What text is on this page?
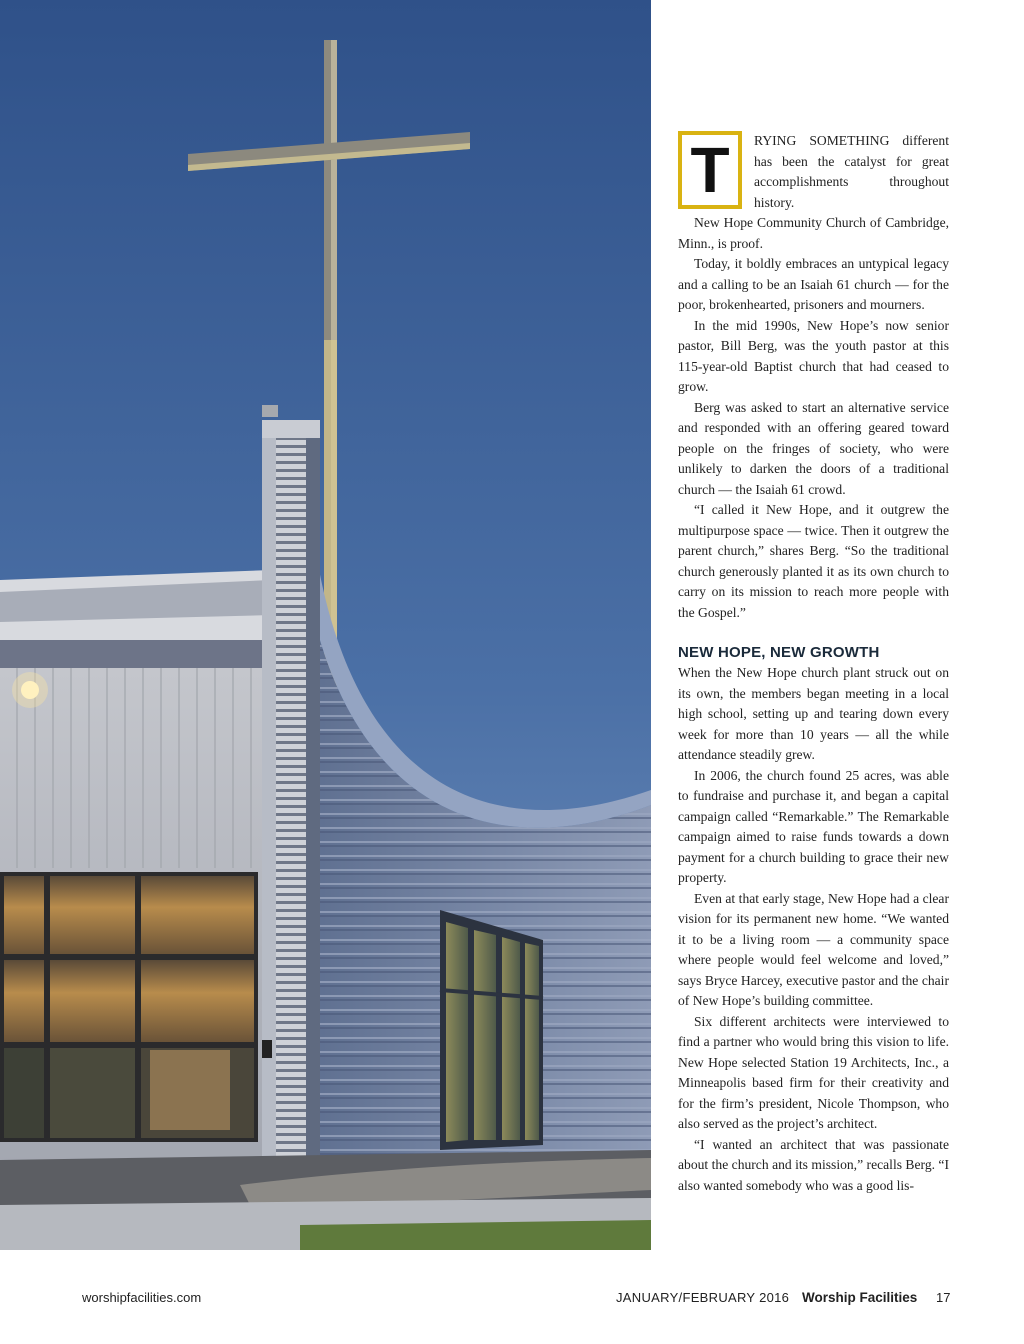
T	RYING SOMETHING different has been the catalyst for great accomplishments throughout history.

New Hope Community Church of Cambridge, Minn., is proof.

Today, it boldly embraces an untypical legacy and a calling to be an Isaiah 61 church — for the poor, brokenhearted, prisoners and mourners.

In the mid 1990s, New Hope’s now senior pastor, Bill Berg, was the youth pastor at this 115-year-old Baptist church that had ceased to grow.

Berg was asked to start an alternative service and responded with an offering geared toward people on the fringes of society, who were unlikely to darken the doors of a traditional church — the Isaiah 61 crowd.

“I called it New Hope, and it outgrew the multipurpose space — twice. Then it outgrew the parent church,” shares Berg. “So the traditional church generously planted it as its own church to carry on its mission to reach more people with the Gospel.”

NEW HOPE, NEW GROWTH

When the New Hope church plant struck out on its own, the members began meeting in a local high school, setting up and tearing down every week for more than 10 years — all the while attendance steadily grew.

In 2006, the church found 25 acres, was able to fundraise and purchase it, and began a capital campaign called “Remarkable.” The Remarkable campaign aimed to raise funds towards a down payment for a church building to grace their new property.

Even at that early stage, New Hope had a clear vision for its permanent new home. “We wanted it to be a living room — a community space where people would feel welcome and loved,” says Bryce Harcey, executive pastor and the chair of New Hope’s building committee.

Six different architects were interviewed to find a partner who would bring this vision to life. New Hope selected Station 19 Architects, Inc., a Minneapolis based firm for their creativity and for the firm’s president, Nicole Thompson, who also served as the project’s architect.

“I wanted an architect that was passionate about the church and its mission,” recalls Berg. “I also wanted somebody who was a good lis-

worshipfacilities.com	JANUARY/FEBRUARY 2016 Worship Facilities 17
